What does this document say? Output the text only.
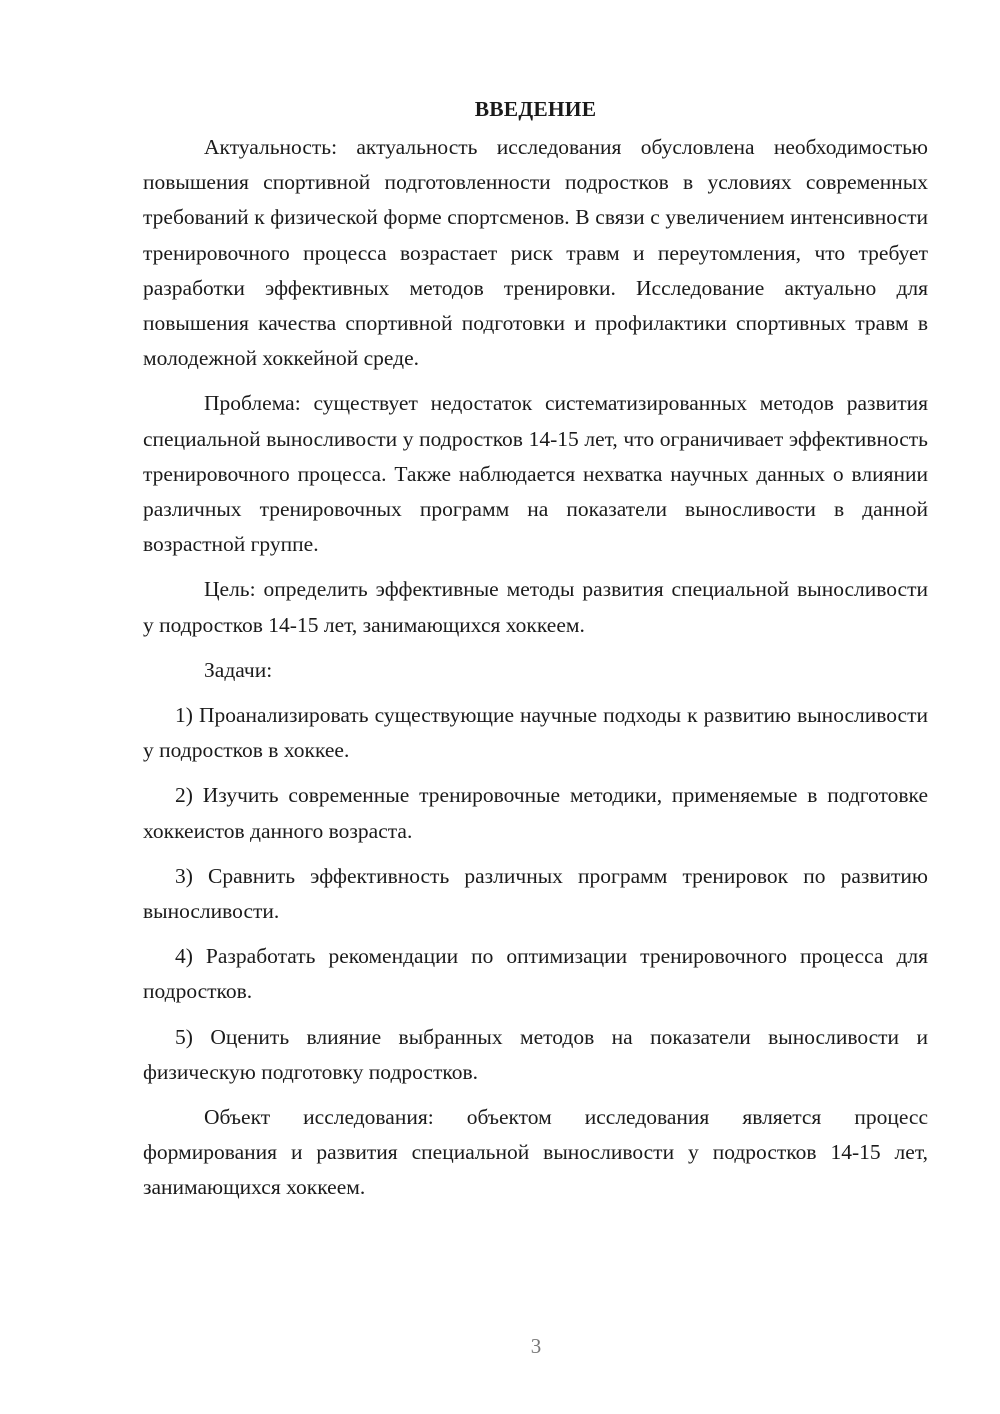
ВВЕДЕНИЕ

Актуальность: актуальность исследования обусловлена необходимостью повышения спортивной подготовленности подростков в условиях современных требований к физической форме спортсменов. В связи с увеличением интенсивности тренировочного процесса возрастает риск травм и переутомления, что требует разработки эффективных методов тренировки. Исследование актуально для повышения качества спортивной подготовки и профилактики спортивных травм в молодежной хоккейной среде.

Проблема: существует недостаток систематизированных методов развития специальной выносливости у подростков 14-15 лет, что ограничивает эффективность тренировочного процесса. Также наблюдается нехватка научных данных о влиянии различных тренировочных программ на показатели выносливости в данной возрастной группе.

Цель: определить эффективные методы развития специальной выносливости у подростков 14-15 лет, занимающихся хоккеем.

Задачи:

1) Проанализировать существующие научные подходы к развитию выносливости у подростков в хоккее.

2) Изучить современные тренировочные методики, применяемые в подготовке хоккеистов данного возраста.

3) Сравнить эффективность различных программ тренировок по развитию выносливости.

4) Разработать рекомендации по оптимизации тренировочного процесса для подростков.

5) Оценить влияние выбранных методов на показатели выносливости и физическую подготовку подростков.

Объект исследования: объектом исследования является процесс формирования и развития специальной выносливости у подростков 14-15 лет, занимающихся хоккеем.

3
